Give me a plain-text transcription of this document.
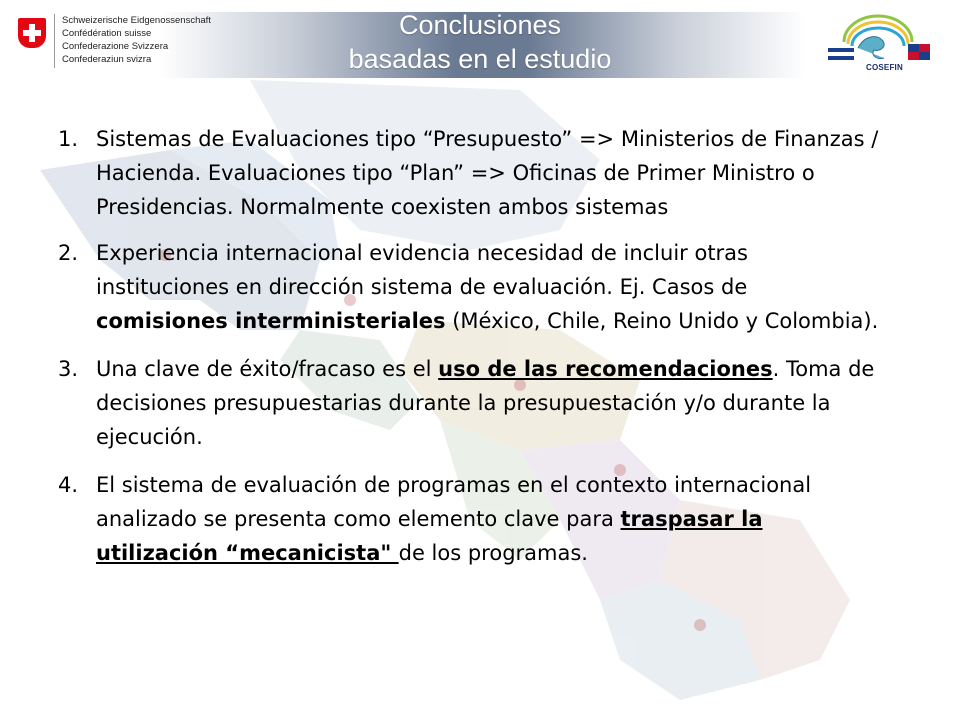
Schweizerische Eidgenossenschaft
Confédération suisse
Confederazione Svizzera
Confederaziun svizra
Conclusiones
basadas en el estudio	COSEFIN
1. Sistemas de Evaluaciones tipo “Presupuesto” => Ministerios de Finanzas / Hacienda. Evaluaciones tipo “Plan” => Oficinas de Primer Ministro o Presidencias. Normalmente coexisten ambos sistemas
2. Experiencia internacional evidencia necesidad de incluir otras instituciones en dirección sistema de evaluación. Ej. Casos de comisiones interministeriales (México, Chile, Reino Unido y Colombia).
3. Una clave de éxito/fracaso es el uso de las recomendaciones. Toma de decisiones presupuestarias durante la presupuestación y/o durante la ejecución.
4. El sistema de evaluación de programas en el contexto internacional analizado se presenta como elemento clave para traspasar la utilización “mecanicista" de los programas.
